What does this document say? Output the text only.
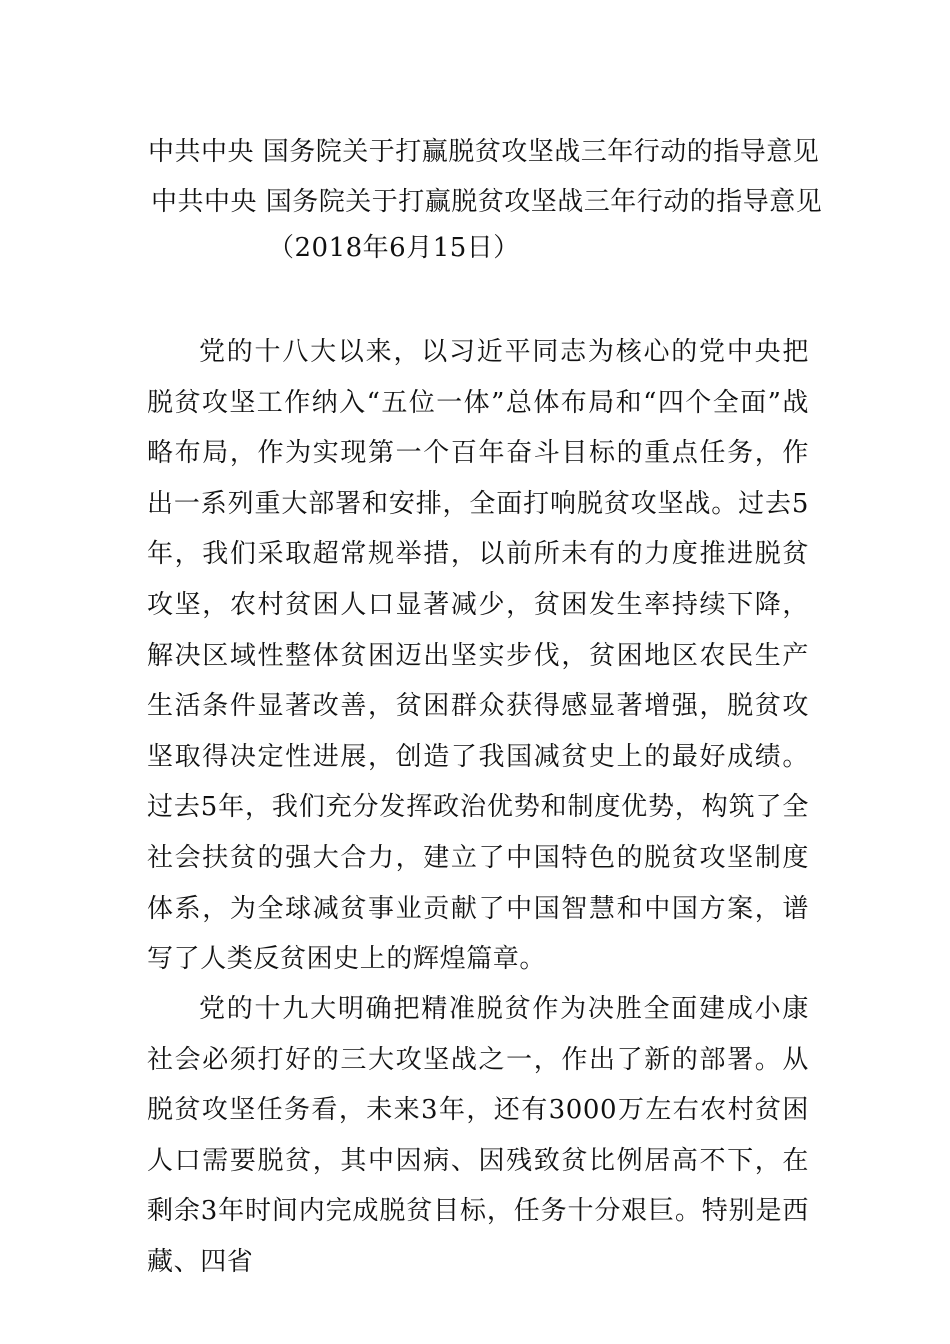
中共中央 国务院关于打赢脱贫攻坚战三年行动的指导意见
中共中央 国务院关于打赢脱贫攻坚战三年行动的指导意见
（2018年6月15日）

党的十八大以来，以习近平同志为核心的党中央把脱贫攻坚工作纳入“五位一体”总体布局和“四个全面”战略布局，作为实现第一个百年奋斗目标的重点任务，作出一系列重大部署和安排，全面打响脱贫攻坚战。过去5年，我们采取超常规举措，以前所未有的力度推进脱贫攻坚，农村贫困人口显著减少，贫困发生率持续下降，解决区域性整体贫困迈出坚实步伐，贫困地区农民生产生活条件显著改善，贫困群众获得感显著增强，脱贫攻坚取得决定性进展，创造了我国减贫史上的最好成绩。过去5年，我们充分发挥政治优势和制度优势，构筑了全社会扶贫的强大合力，建立了中国特色的脱贫攻坚制度体系，为全球减贫事业贡献了中国智慧和中国方案，谱写了人类反贫困史上的辉煌篇章。

党的十九大明确把精准脱贫作为决胜全面建成小康社会必须打好的三大攻坚战之一，作出了新的部署。从脱贫攻坚任务看，未来3年，还有3000万左右农村贫困人口需要脱贫，其中因病、因残致贫比例居高不下，在剩余3年时间内完成脱贫目标，任务十分艰巨。特别是西藏、四省
